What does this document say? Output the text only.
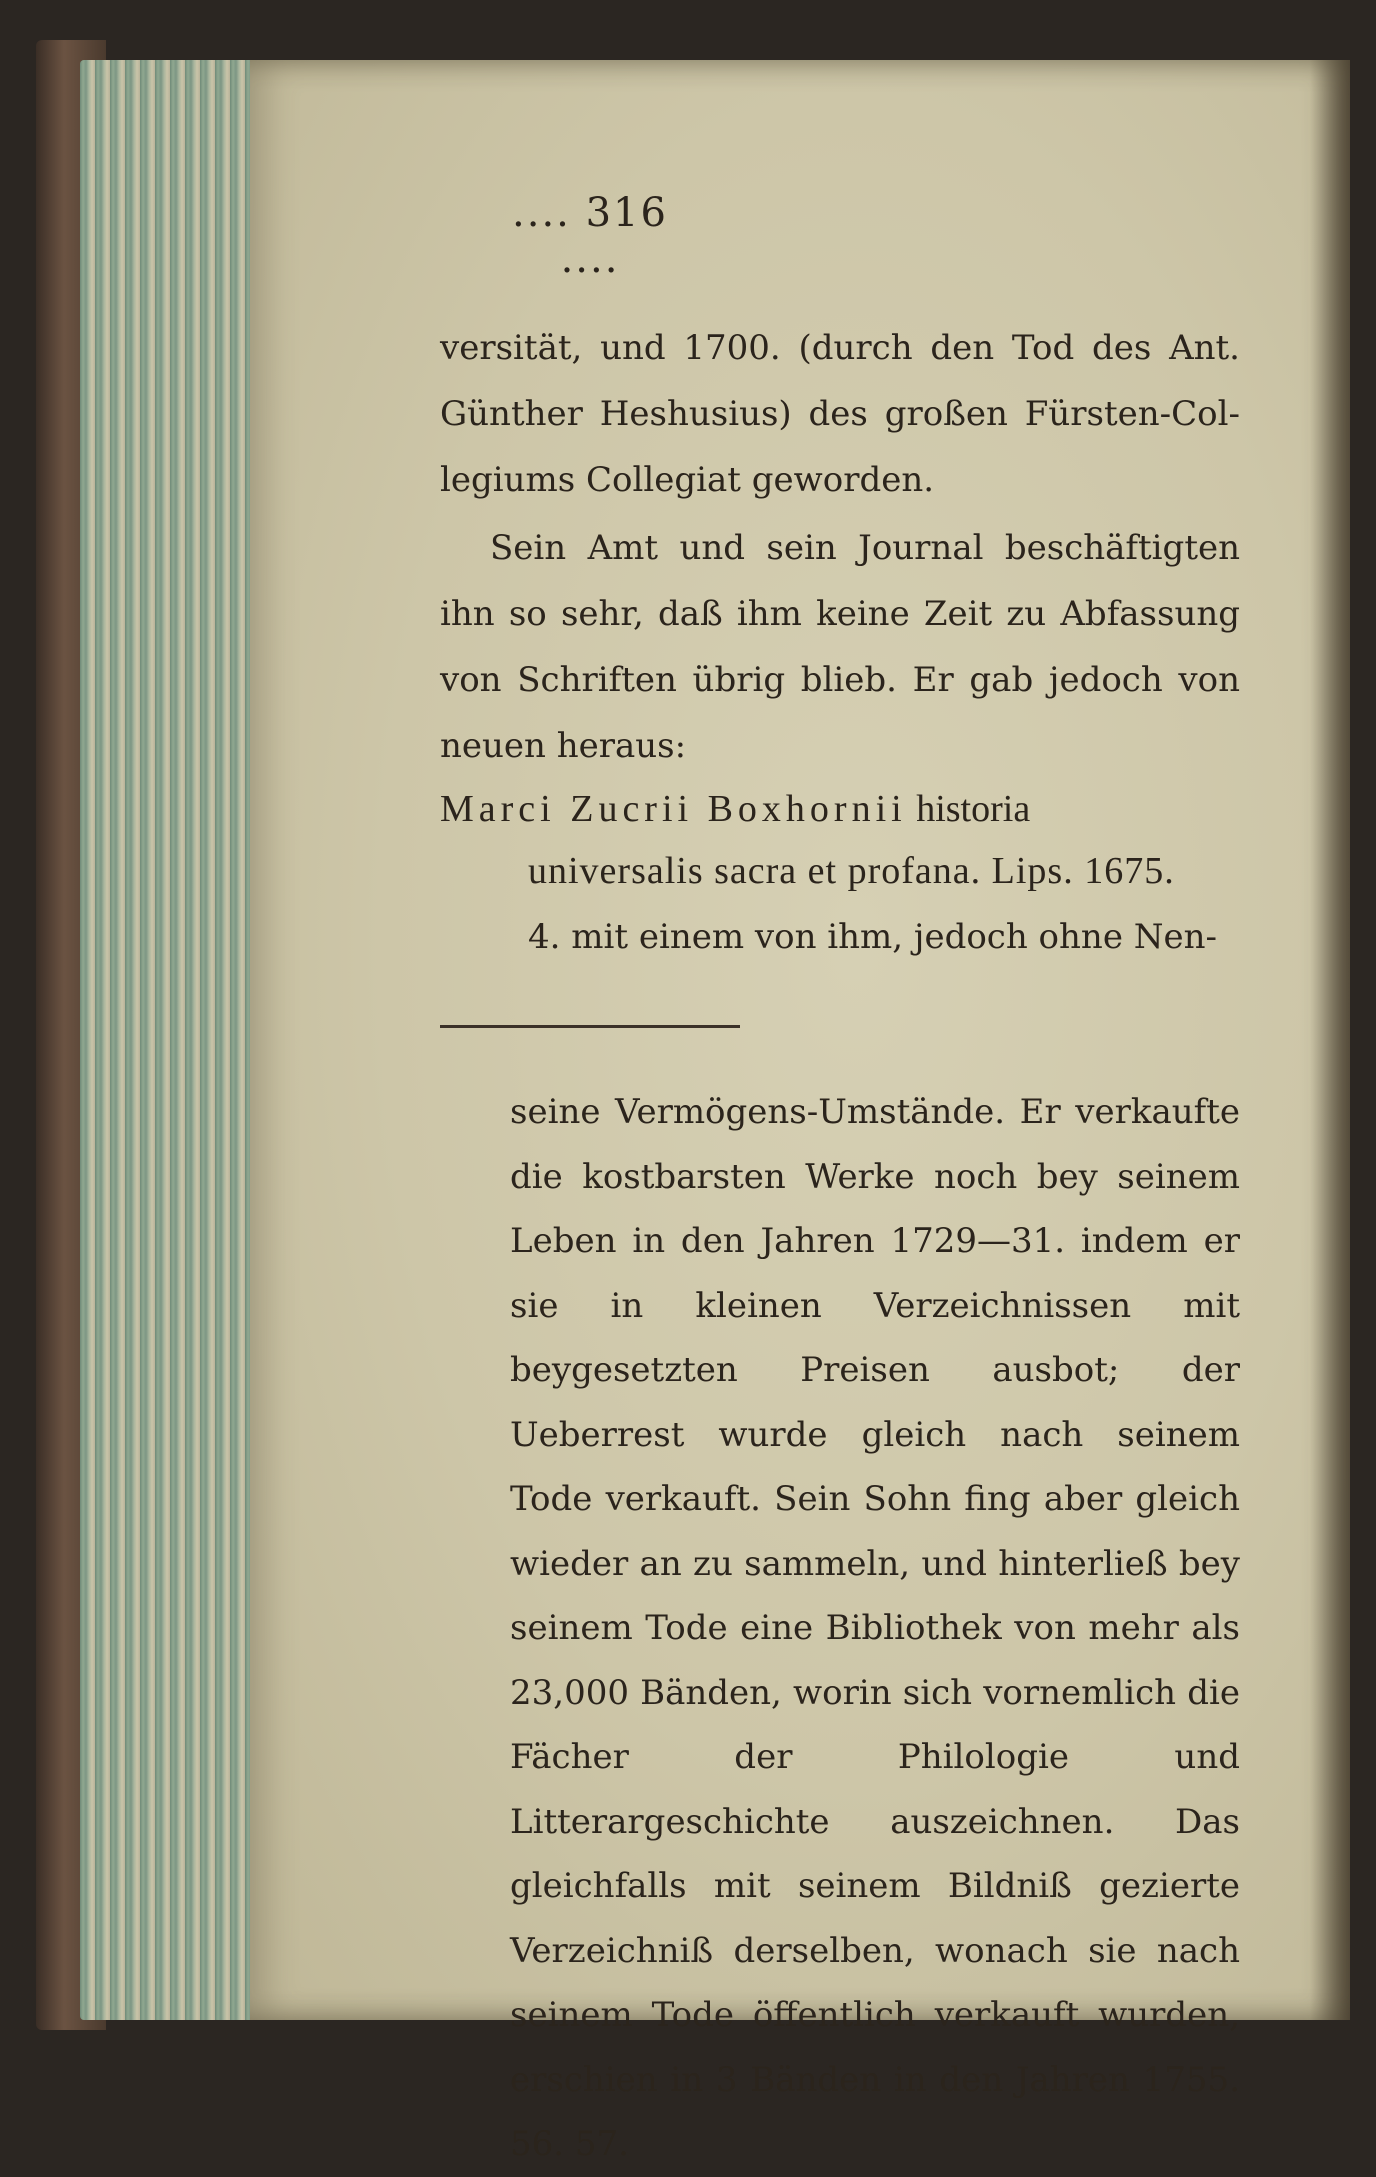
.... 316 ....
versität, und 1700. (durch den Tod des Ant. Günther Heshusius) des großen Fürsten-Col-legiums Collegiat geworden.
Sein Amt und sein Journal beschäftigten ihn so sehr, daß ihm keine Zeit zu Abfassung von Schriften übrig blieb. Er gab jedoch von neuen heraus:
Marci Zucrii Boxhornii historia
universalis sacra et profana. Lips. 1675.
4. mit einem von ihm, jedoch ohne Nen-
seine Vermögens-Umstände. Er verkaufte die kostbarsten Werke noch bey seinem Leben in den Jahren 1729—31. indem er sie in kleinen Verzeichnissen mit beygesetzten Preisen ausbot; der Ueberrest wurde gleich nach seinem Tode verkauft. Sein Sohn fing aber gleich wieder an zu sammeln, und hinterließ bey seinem Tode eine Bibliothek von mehr als 23,000 Bänden, worin sich vornemlich die Fächer der Philologie und Litterargeschichte auszeichnen. Das gleichfalls mit seinem Bildniß gezierte Verzeichniß derselben, wonach sie nach seinem Tode öffentlich verkauft wurden, erschien in 3 Bänden in den Jahren 1755. 56. 57.
